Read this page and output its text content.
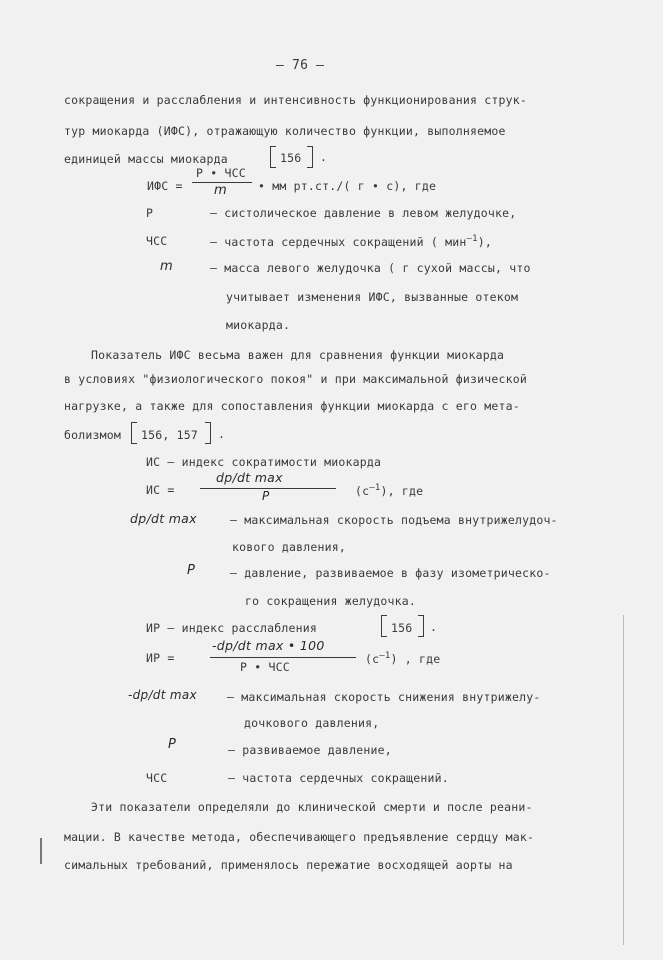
– 76 –
сокращения и расслабления и интенсивность функционирования струк-
тур миокарда (ИФС), отражающую количество функции, выполняемое
единицей массы миокарда	156 .
ИФС =
P • ЧСС
m	• мм рт.ст./( г • с), где
P	– систолическое давление в левом желудочке,
ЧСС	– частота сердечных сокращений ( мин$^{-1}$),
m	– масса левого желудочка ( г сухой массы, что
учитывает изменения ИФС, вызванные отеком
миокарда.
Показатель ИФС весьма важен для сравнения функции миокарда
в условиях "физиологического покоя" и при максимальной физической
нагрузке, а также для сопоставления функции миокарда с его мета-
болизмом 156, 157 .
ИС – индекс сократимости миокарда
ИС =
dp/dt max
P	$(с^{-1})$, где
dp/dt max	– максимальная скорость подъема внутрижелудоч-
кового давления,
P	– давление, развиваемое в фазу изометрическо-
го сокращения желудочка.
ИР – индекс расслабления	156 .
ИР =
-dp/dt max • 100
P • ЧСС
$(с^{-1})$ , где
-dp/dt max	– максимальная скорость снижения внутрижелу-
дочкового давления,
P	– развиваемое давление,
ЧСС	– частота сердечных сокращений.
Эти показатели определяли до клинической смерти и после реани-
мации. В качестве метода, обеспечивающего предъявление сердцу мак-
симальных требований, применялось пережатие восходящей аорты на
